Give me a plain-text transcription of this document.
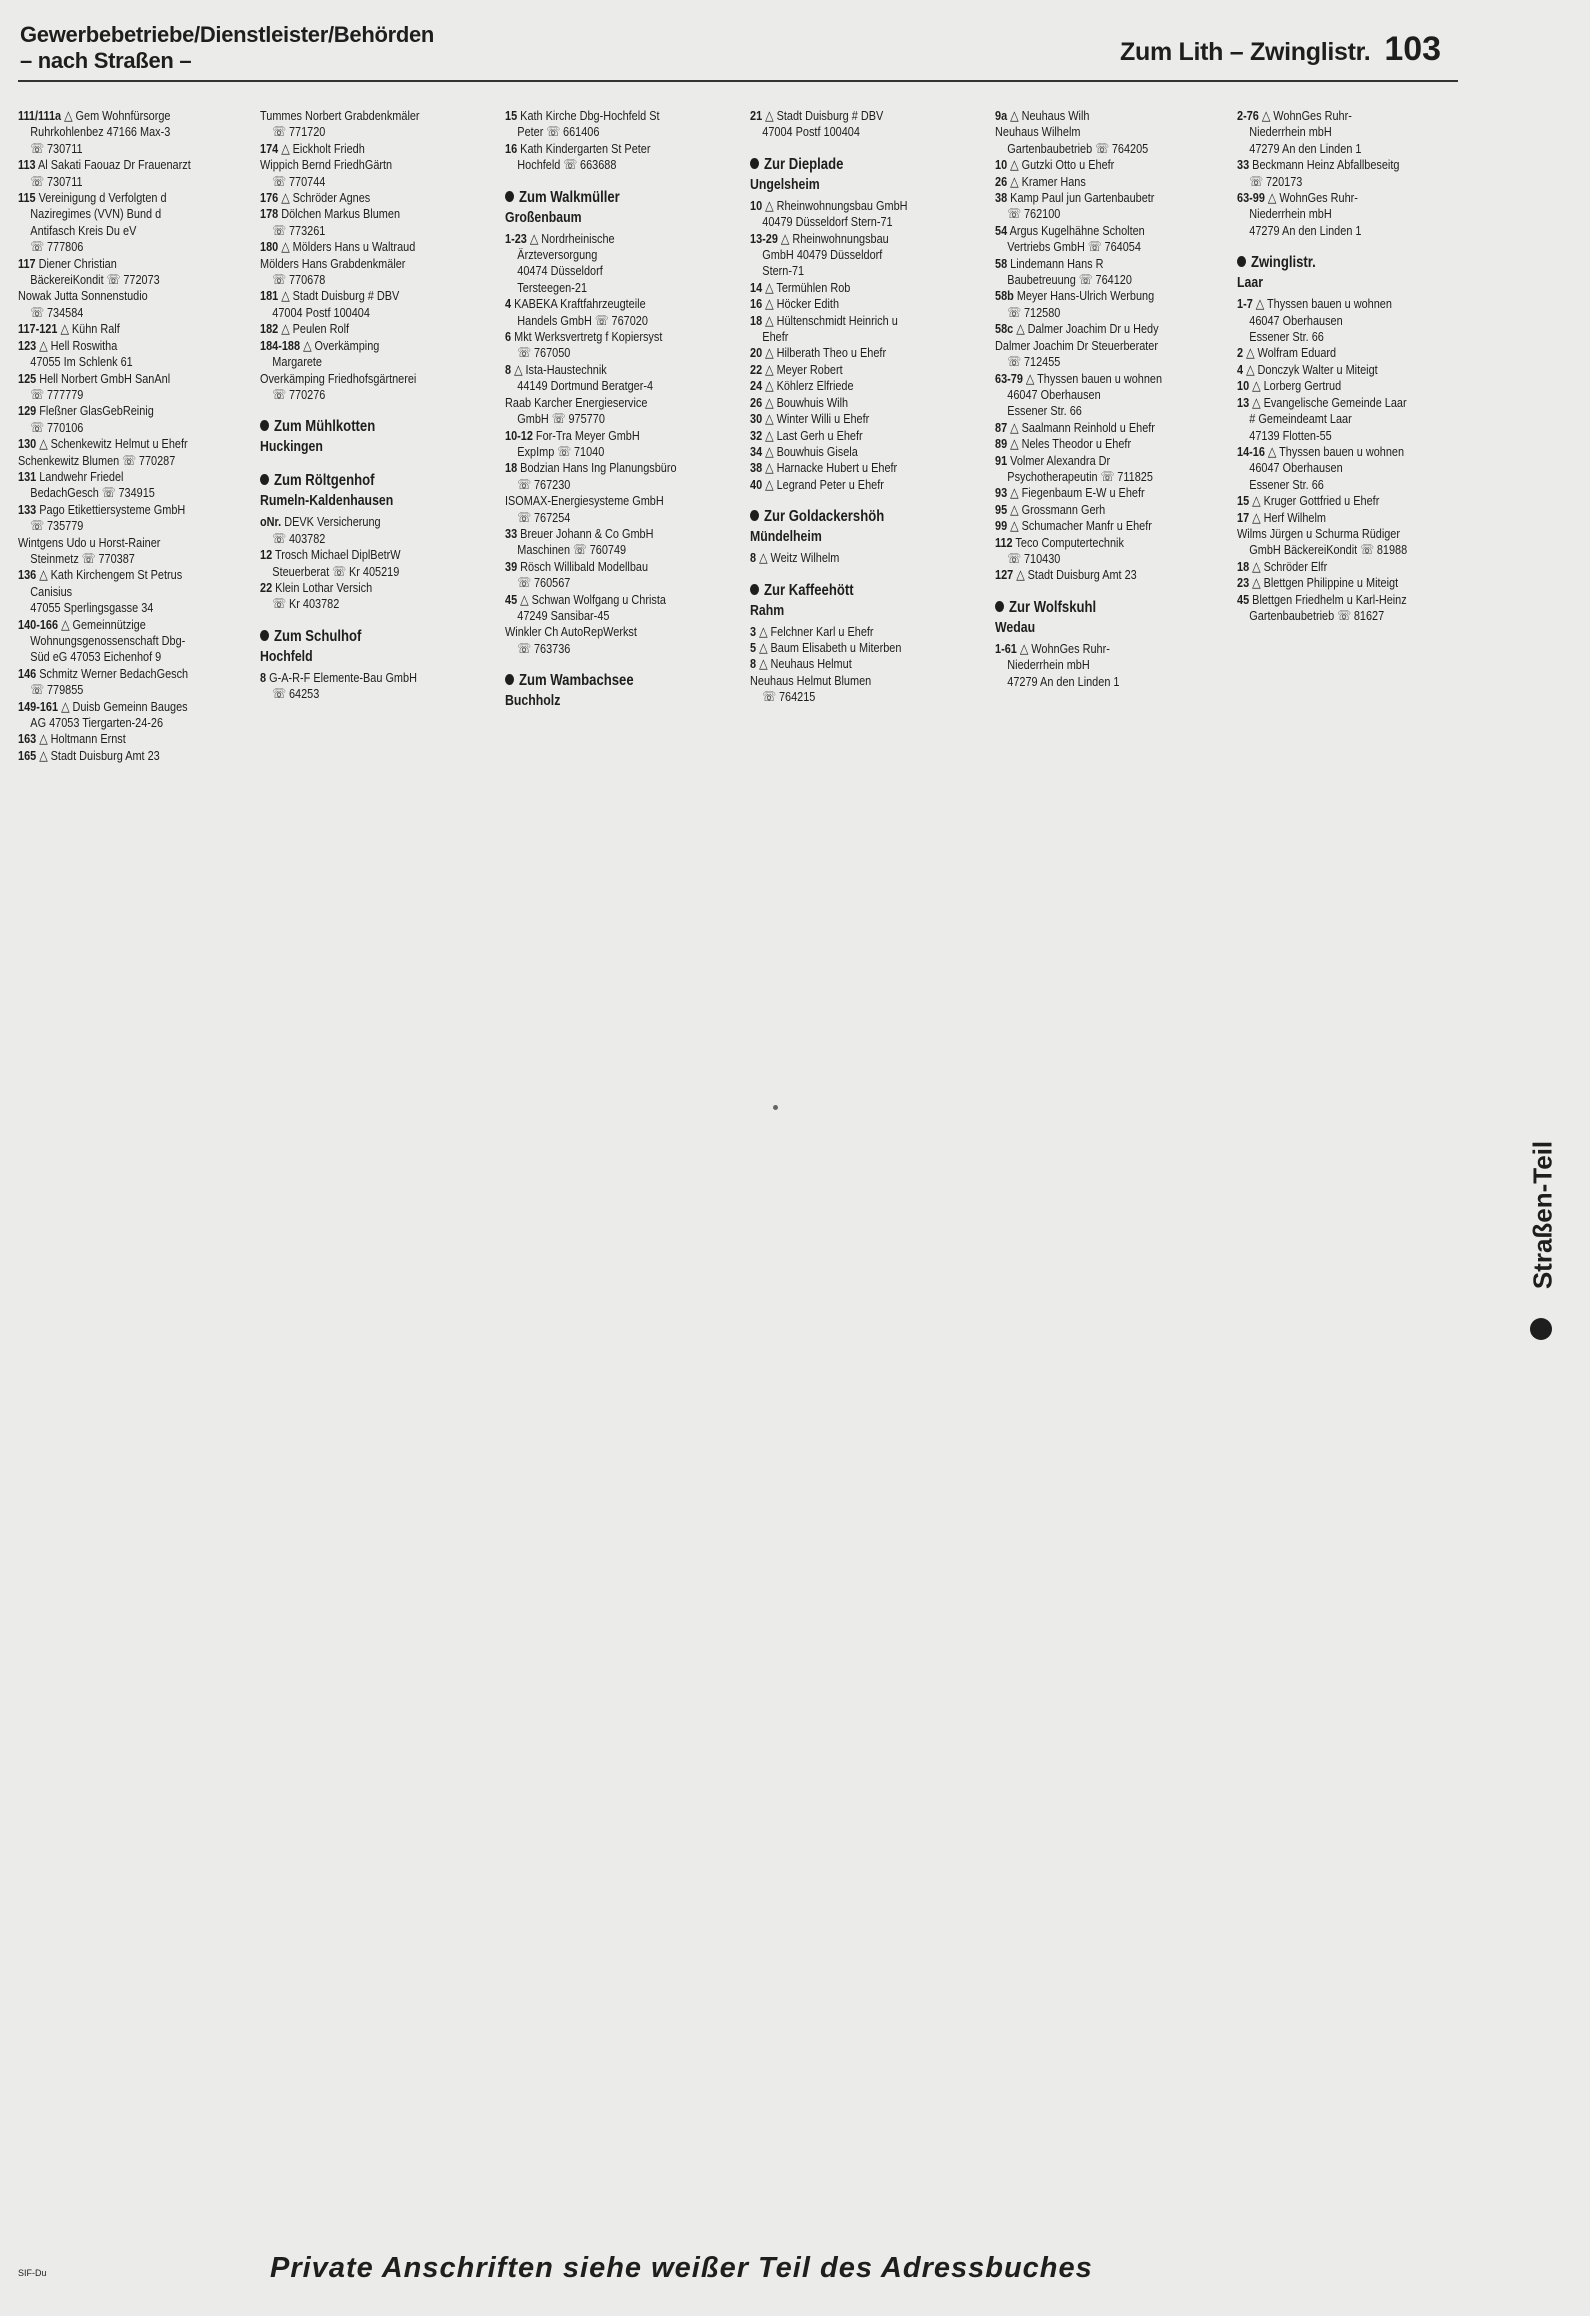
Gewerbebetriebe/Dienstleister/Behörden
– nach Straßen –	Zum Lith – Zwinglistr. 103
111/111a △ Gem Wohnfürsorge
Ruhrkohlenbez 47166 Max-3
☏ 730711
113 Al Sakati Faouaz Dr Frauenarzt
☏ 730711
115 Vereinigung d Verfolgten d
Naziregimes (VVN) Bund d
Antifasch Kreis Du eV
☏ 777806
117 Diener Christian
BäckereiKondit ☏ 772073
Nowak Jutta Sonnenstudio
☏ 734584
117-121 △ Kühn Ralf
123 △ Hell Roswitha
47055 Im Schlenk 61
125 Hell Norbert GmbH SanAnl
☏ 777779
129 Fleßner GlasGebReinig
☏ 770106
130 △ Schenkewitz Helmut u Ehefr
Schenkewitz Blumen ☏ 770287
131 Landwehr Friedel
BedachGesch ☏ 734915
133 Pago Etikettiersysteme GmbH
☏ 735779
Wintgens Udo u Horst-Rainer
Steinmetz ☏ 770387
136 △ Kath Kirchengem St Petrus
Canisius
47055 Sperlingsgasse 34
140-166 △ Gemeinnützige
Wohnungsgenossenschaft Dbg-
Süd eG 47053 Eichenhof 9
146 Schmitz Werner BedachGesch
☏ 779855
149-161 △ Duisb Gemeinn Bauges
AG 47053 Tiergarten-24-26
163 △ Holtmann Ernst
165 △ Stadt Duisburg Amt 23
Tummes Norbert Grabdenkmäler
☏ 771720
174 △ Eickholt Friedh
Wippich Bernd FriedhGärtn
☏ 770744
176 △ Schröder Agnes
178 Dölchen Markus Blumen
☏ 773261
180 △ Mölders Hans u Waltraud
Mölders Hans Grabdenkmäler
☏ 770678
181 △ Stadt Duisburg # DBV
47004 Postf 100404
182 △ Peulen Rolf
184-188 △ Overkämping
Margarete
Overkämping Friedhofsgärtnerei
☏ 770276
Zum Mühlkotten
Huckingen
Zum Röltgenhof
Rumeln-Kaldenhausen
oNr. DEVK Versicherung
☏ 403782
12 Trosch Michael DiplBetrW
Steuerberat ☏ Kr 405219
22 Klein Lothar Versich
☏ Kr 403782
Zum Schulhof
Hochfeld
8 G-A-R-F Elemente-Bau GmbH
☏ 64253
15 Kath Kirche Dbg-Hochfeld St
Peter ☏ 661406
16 Kath Kindergarten St Peter
Hochfeld ☏ 663688
Zum Walkmüller
Großenbaum
1-23 △ Nordrheinische
Ärzteversorgung
40474 Düsseldorf
Tersteegen-21
4 KABEKA Kraftfahrzeugteile
Handels GmbH ☏ 767020
6 Mkt Werksvertretg f Kopiersyst
☏ 767050
8 △ Ista-Haustechnik
44149 Dortmund Beratger-4
Raab Karcher Energieservice
GmbH ☏ 975770
10-12 For-Tra Meyer GmbH
ExpImp ☏ 71040
18 Bodzian Hans Ing Planungsbüro
☏ 767230
ISOMAX-Energiesysteme GmbH
☏ 767254
33 Breuer Johann & Co GmbH
Maschinen ☏ 760749
39 Rösch Willibald Modellbau
☏ 760567
45 △ Schwan Wolfgang u Christa
47249 Sansibar-45
Winkler Ch AutoRepWerkst
☏ 763736
Zum Wambachsee
Buchholz
21 △ Stadt Duisburg # DBV
47004 Postf 100404
Zur Dieplade
Ungelsheim
10 △ Rheinwohnungsbau GmbH
40479 Düsseldorf Stern-71
13-29 △ Rheinwohnungsbau
GmbH 40479 Düsseldorf
Stern-71
14 △ Termühlen Rob
16 △ Höcker Edith
18 △ Hültenschmidt Heinrich u
Ehefr
20 △ Hilberath Theo u Ehefr
22 △ Meyer Robert
24 △ Köhlerz Elfriede
26 △ Bouwhuis Wilh
30 △ Winter Willi u Ehefr
32 △ Last Gerh u Ehefr
34 △ Bouwhuis Gisela
38 △ Harnacke Hubert u Ehefr
40 △ Legrand Peter u Ehefr
Zur Goldackershöh
Mündelheim
8 △ Weitz Wilhelm
Zur Kaffeehött
Rahm
3 △ Felchner Karl u Ehefr
5 △ Baum Elisabeth u Miterben
8 △ Neuhaus Helmut
Neuhaus Helmut Blumen
☏ 764215
9a △ Neuhaus Wilh
Neuhaus Wilhelm
Gartenbaubetrieb ☏ 764205
10 △ Gutzki Otto u Ehefr
26 △ Kramer Hans
38 Kamp Paul jun Gartenbaubetr
☏ 762100
54 Argus Kugelhähne Scholten
Vertriebs GmbH ☏ 764054
58 Lindemann Hans R
Baubetreuung ☏ 764120
58b Meyer Hans-Ulrich Werbung
☏ 712580
58c △ Dalmer Joachim Dr u Hedy
Dalmer Joachim Dr Steuerberater
☏ 712455
63-79 △ Thyssen bauen u wohnen
46047 Oberhausen
Essener Str. 66
87 △ Saalmann Reinhold u Ehefr
89 △ Neles Theodor u Ehefr
91 Volmer Alexandra Dr
Psychotherapeutin ☏ 711825
93 △ Fiegenbaum E-W u Ehefr
95 △ Grossmann Gerh
99 △ Schumacher Manfr u Ehefr
112 Teco Computertechnik
☏ 710430
127 △ Stadt Duisburg Amt 23
Zur Wolfskuhl
Wedau
1-61 △ WohnGes Ruhr-
Niederrhein mbH
47279 An den Linden 1
2-76 △ WohnGes Ruhr-
Niederrhein mbH
47279 An den Linden 1
33 Beckmann Heinz Abfallbeseitg
☏ 720173
63-99 △ WohnGes Ruhr-
Niederrhein mbH
47279 An den Linden 1
Zwinglistr.
Laar
1-7 △ Thyssen bauen u wohnen
46047 Oberhausen
Essener Str. 66
2 △ Wolfram Eduard
4 △ Donczyk Walter u Miteigt
10 △ Lorberg Gertrud
13 △ Evangelische Gemeinde Laar
# Gemeindeamt Laar
47139 Flotten-55
14-16 △ Thyssen bauen u wohnen
46047 Oberhausen
Essener Str. 66
15 △ Kruger Gottfried u Ehefr
17 △ Herf Wilhelm
Wilms Jürgen u Schurma Rüdiger
GmbH BäckereiKondit ☏ 81988
18 △ Schröder Elfr
23 △ Blettgen Philippine u Miteigt
45 Blettgen Friedhelm u Karl-Heinz
Gartenbaubetrieb ☏ 81627
Straßen-Teil
SIF-Du	Private Anschriften siehe weißer Teil des Adressbuches
